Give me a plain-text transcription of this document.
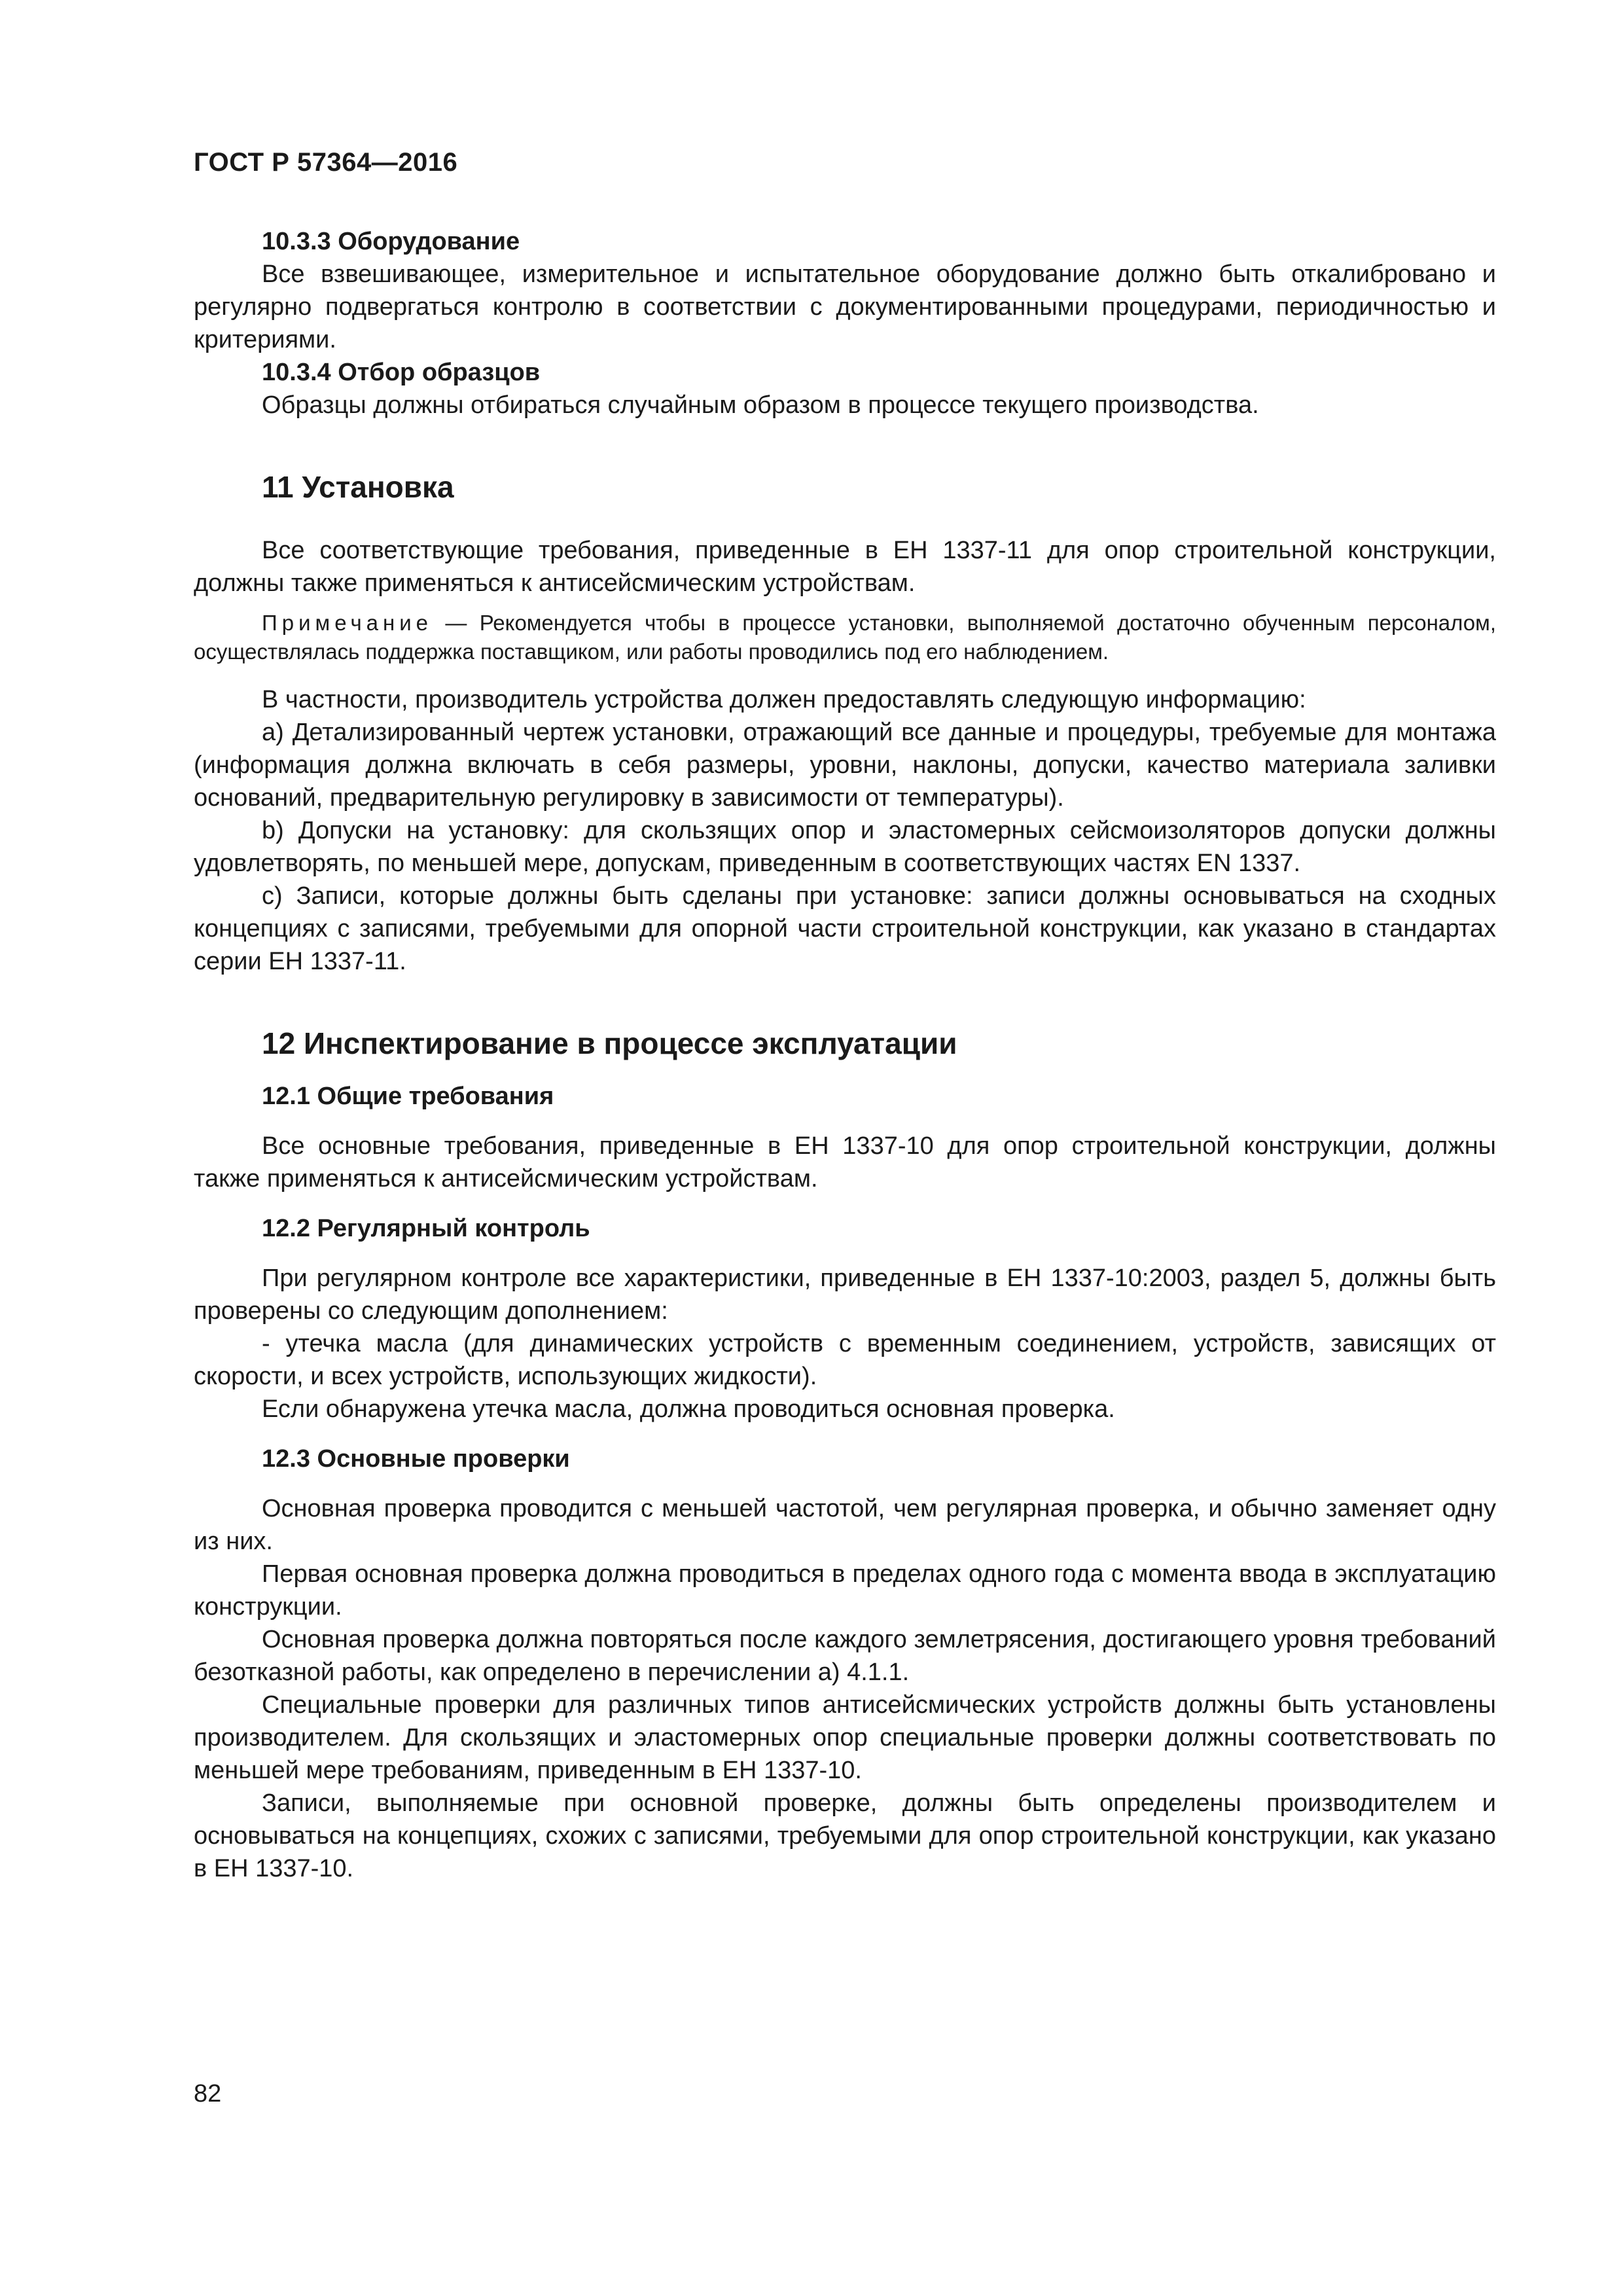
ГОСТ Р 57364—2016

10.3.3 Оборудование

Все взвешивающее, измерительное и испытательное оборудование должно быть откалибровано и регулярно подвергаться контролю в соответствии с документированными процедурами, периодичностью и критериями.

10.3.4 Отбор образцов

Образцы должны отбираться случайным образом в процессе текущего производства.

11 Установка

Все соответствующие требования, приведенные в ЕН 1337-11 для опор строительной конструкции, должны также применяться к антисейсмическим устройствам.

Примечание — Рекомендуется чтобы в процессе установки, выполняемой достаточно обученным персоналом, осуществлялась поддержка поставщиком, или работы проводились под его наблюдением.

В частности, производитель устройства должен предоставлять следующую информацию:

a) Детализированный чертеж установки, отражающий все данные и процедуры, требуемые для монтажа (информация должна включать в себя размеры, уровни, наклоны, допуски, качество материала заливки оснований, предварительную регулировку в зависимости от температуры).

b) Допуски на установку: для скользящих опор и эластомерных сейсмоизоляторов допуски должны удовлетворять, по меньшей мере, допускам, приведенным в соответствующих частях EN 1337.

c) Записи, которые должны быть сделаны при установке: записи должны основываться на сходных концепциях с записями, требуемыми для опорной части строительной конструкции, как указано в стандартах серии ЕН 1337-11.

12 Инспектирование в процессе эксплуатации

12.1 Общие требования

Все основные требования, приведенные в ЕН 1337-10 для опор строительной конструкции, должны также применяться к антисейсмическим устройствам.

12.2 Регулярный контроль

При регулярном контроле все характеристики, приведенные в ЕН 1337-10:2003, раздел 5, должны быть проверены со следующим дополнением:

- утечка масла (для динамических устройств с временным соединением, устройств, зависящих от скорости, и всех устройств, использующих жидкости).

Если обнаружена утечка масла, должна проводиться основная проверка.

12.3 Основные проверки

Основная проверка проводится с меньшей частотой, чем регулярная проверка, и обычно заменяет одну из них.

Первая основная проверка должна проводиться в пределах одного года с момента ввода в эксплуатацию конструкции.

Основная проверка должна повторяться после каждого землетрясения, достигающего уровня требований безотказной работы, как определено в перечислении а) 4.1.1.

Специальные проверки для различных типов антисейсмических устройств должны быть установлены производителем. Для скользящих и эластомерных опор специальные проверки должны соответствовать по меньшей мере требованиям, приведенным в ЕН 1337-10.

Записи, выполняемые при основной проверке, должны быть определены производителем и основываться на концепциях, схожих с записями, требуемыми для опор строительной конструкции, как указано в ЕН 1337-10.

82
